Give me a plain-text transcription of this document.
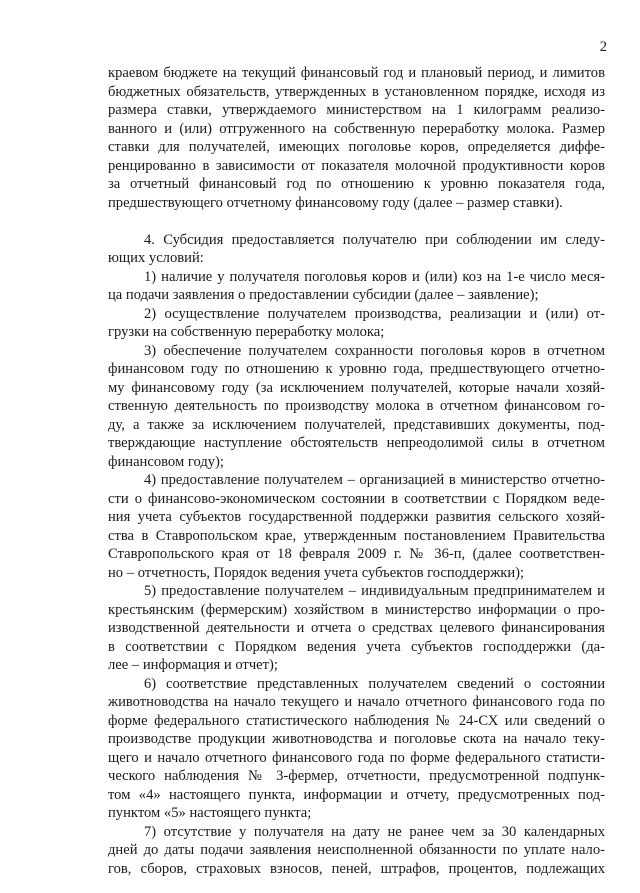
2
краевом бюджете на текущий финансовый год и плановый период, и лимитов
бюджетных обязательств, утвержденных в установленном порядке, исходя из
размера ставки, утверждаемого министерством на 1 килограмм реализо-
ванного и (или) отгруженного на собственную переработку молока. Размер
ставки для получателей, имеющих поголовье коров, определяется диффе-
ренцированно в зависимости от показателя молочной продуктивности коров
за отчетный финансовый год по отношению к уровню показателя года,
предшествующего отчетному финансовому году (далее – размер ставки).
4. Субсидия предоставляется получателю при соблюдении им следу-
ющих условий:
1) наличие у получателя поголовья коров и (или) коз на 1-е число меся-
ца подачи заявления о предоставлении субсидии (далее – заявление);
2) осуществление получателем производства, реализации и (или) от-
грузки на собственную переработку молока;
3) обеспечение получателем сохранности поголовья коров в отчетном
финансовом году по отношению к уровню года, предшествующего отчетно-
му финансовому году (за исключением получателей, которые начали хозяй-
ственную деятельность по производству молока в отчетном финансовом го-
ду, а также за исключением получателей, представивших документы, под-
тверждающие наступление обстоятельств непреодолимой силы в отчетном
финансовом году);
4) предоставление получателем – организацией в министерство отчетно-
сти о финансово-экономическом состоянии в соответствии с Порядком веде-
ния учета субъектов государственной поддержки развития сельского хозяй-
ства в Ставропольском крае, утвержденным постановлением Правительства
Ставропольского края от 18 февраля 2009 г. № 36-п, (далее соответствен-
но – отчетность, Порядок ведения учета субъектов господдержки);
5) предоставление получателем – индивидуальным предпринимателем и
крестьянским (фермерским) хозяйством в министерство информации о про-
изводственной деятельности и отчета о средствах целевого финансирования
в соответствии с Порядком ведения учета субъектов господдержки (да-
лее – информация и отчет);
6) соответствие представленных получателем сведений о состоянии
животноводства на начало текущего и начало отчетного финансового года по
форме федерального статистического наблюдения № 24-СХ или сведений о
производстве продукции животноводства и поголовье скота на начало теку-
щего и начало отчетного финансового года по форме федерального статисти-
ческого наблюдения № 3-фермер, отчетности, предусмотренной подпунк-
том «4» настоящего пункта, информации и отчету, предусмотренных под-
пунктом «5» настоящего пункта;
7) отсутствие у получателя на дату не ранее чем за 30 календарных
дней до даты подачи заявления неисполненной обязанности по уплате нало-
гов, сборов, страховых взносов, пеней, штрафов, процентов, подлежащих
